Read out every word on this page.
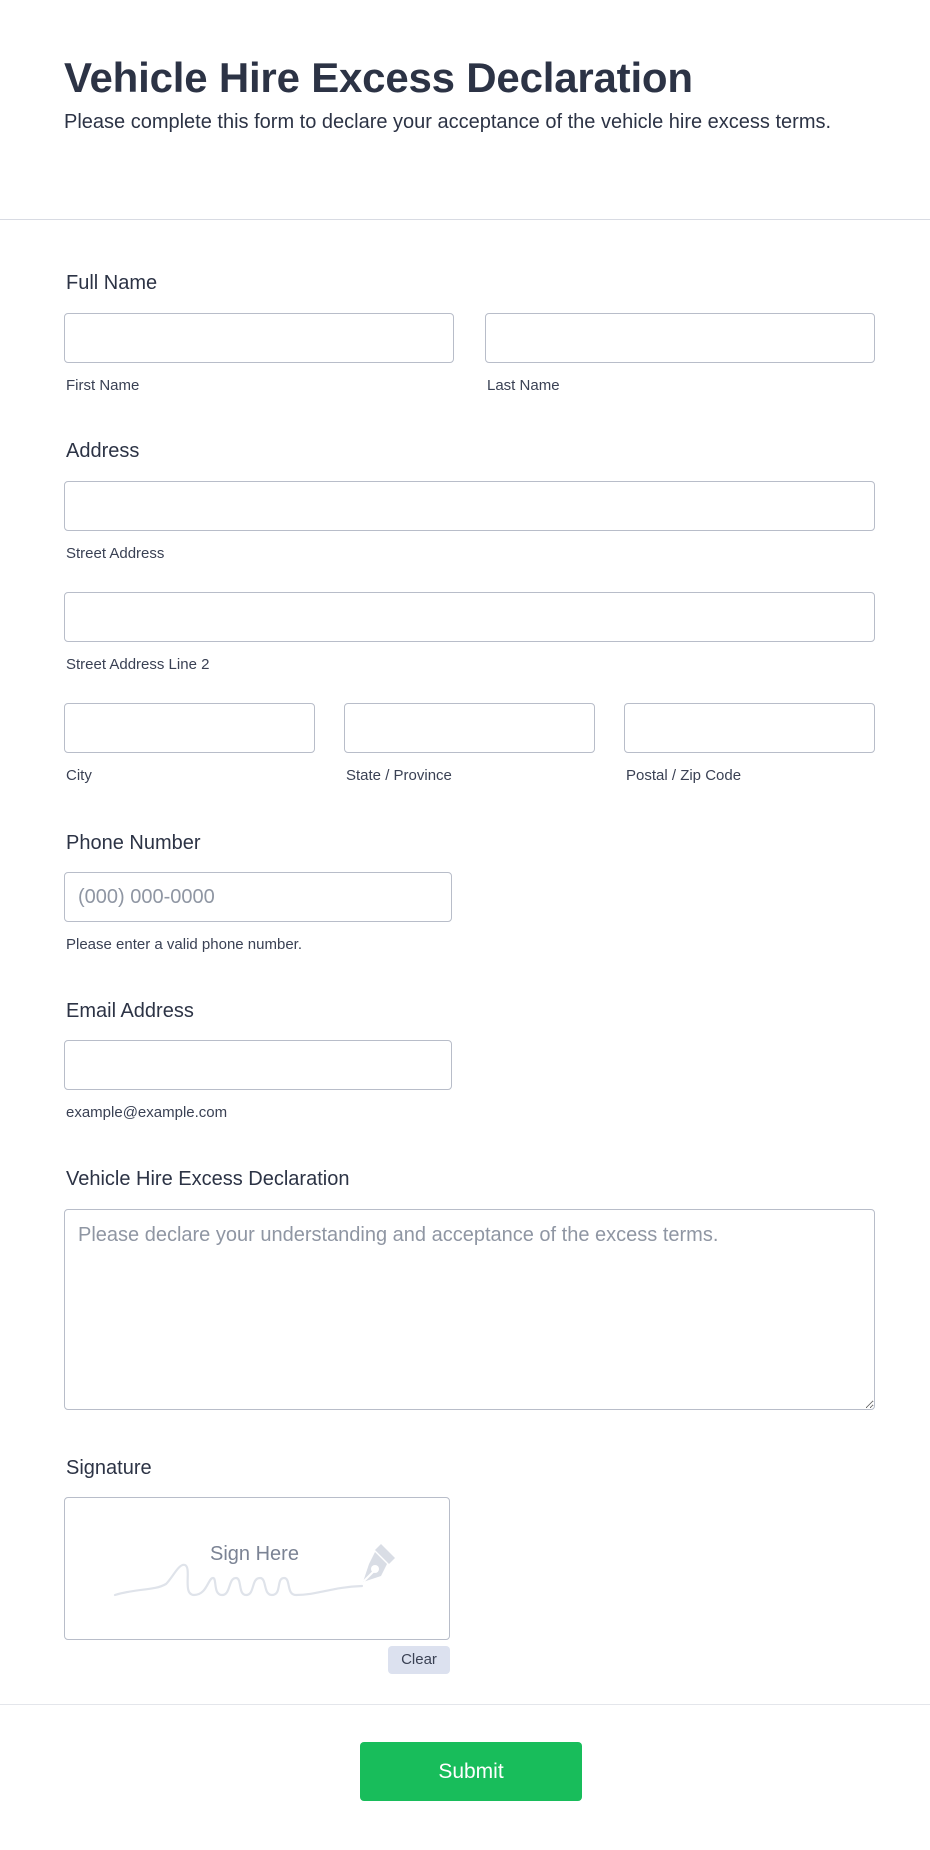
Vehicle Hire Excess Declaration

Please complete this form to declare your acceptance of the vehicle hire excess terms.

Full Name
First Name	Last Name
Address
Street Address
Street Address Line 2
City	State / Province	Postal / Zip Code
Phone Number
(000) 000-0000
Please enter a valid phone number.
Email Address
example@example.com
Vehicle Hire Excess Declaration
Please declare your understanding and acceptance of the excess terms.
Signature
Sign Here
Clear
Submit
